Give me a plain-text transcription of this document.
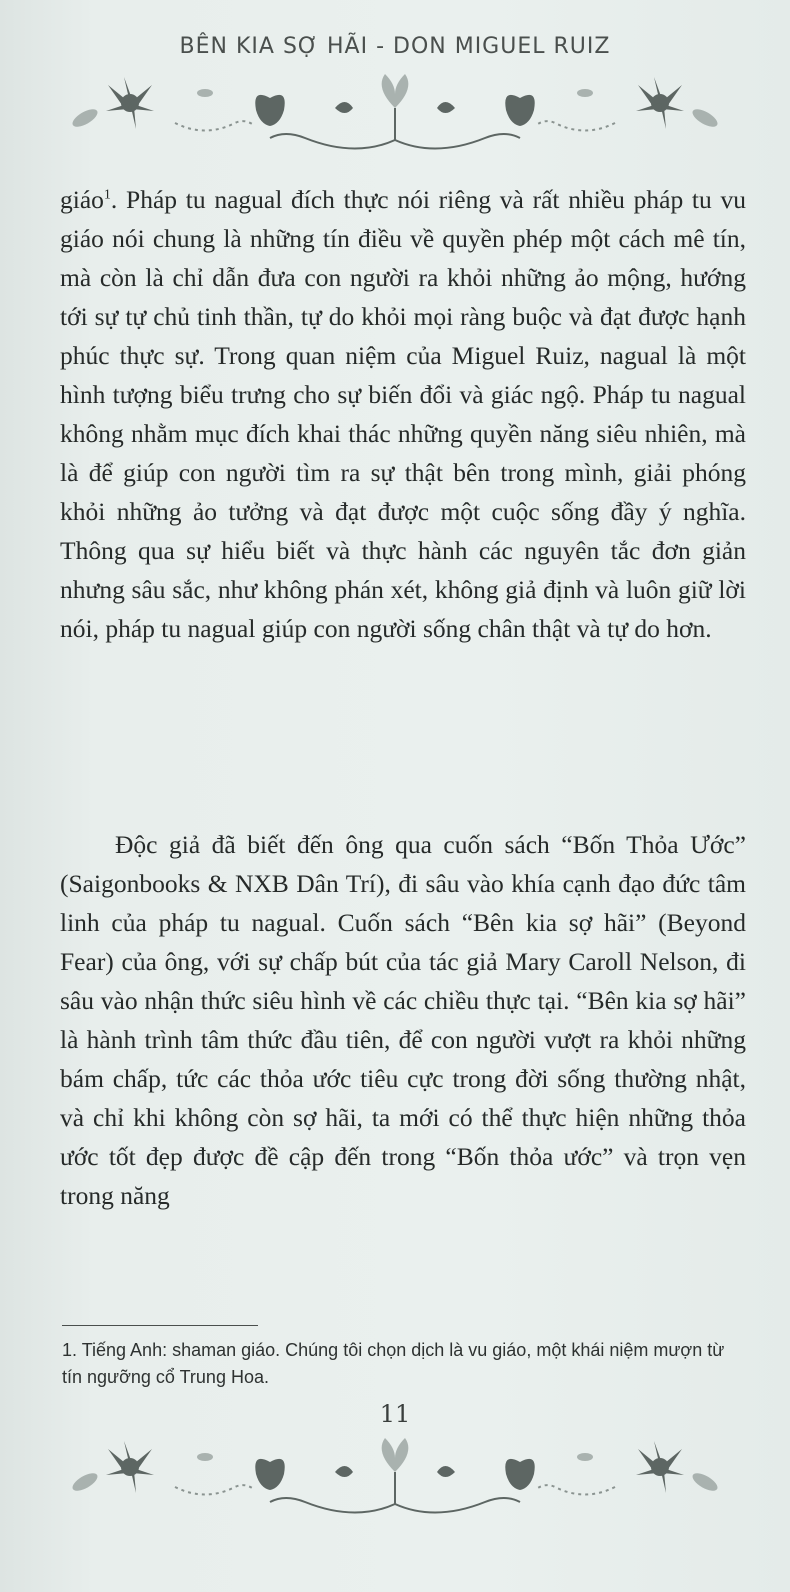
BÊN KIA SỢ HÃI - DON MIGUEL RUIZ

giáo$^1$. Pháp tu nagual đích thực nói riêng và rất nhiều pháp tu vu giáo nói chung là những tín điều về quyền phép một cách mê tín, mà còn là chỉ dẫn đưa con người ra khỏi những ảo mộng, hướng tới sự tự chủ tinh thần, tự do khỏi mọi ràng buộc và đạt được hạnh phúc thực sự. Trong quan niệm của Miguel Ruiz, nagual là một hình tượng biểu trưng cho sự biến đổi và giác ngộ. Pháp tu nagual không nhằm mục đích khai thác những quyền năng siêu nhiên, mà là để giúp con người tìm ra sự thật bên trong mình, giải phóng khỏi những ảo tưởng và đạt được một cuộc sống đầy ý nghĩa. Thông qua sự hiểu biết và thực hành các nguyên tắc đơn giản nhưng sâu sắc, như không phán xét, không giả định và luôn giữ lời nói, pháp tu nagual giúp con người sống chân thật và tự do hơn.

Độc giả đã biết đến ông qua cuốn sách “Bốn Thỏa Ước” (Saigonbooks & NXB Dân Trí), đi sâu vào khía cạnh đạo đức tâm linh của pháp tu nagual. Cuốn sách “Bên kia sợ hãi” (Beyond Fear) của ông, với sự chấp bút của tác giả Mary Caroll Nelson, đi sâu vào nhận thức siêu hình về các chiều thực tại. “Bên kia sợ hãi” là hành trình tâm thức đầu tiên, để con người vượt ra khỏi những bám chấp, tức các thỏa ước tiêu cực trong đời sống thường nhật, và chỉ khi không còn sợ hãi, ta mới có thể thực hiện những thỏa ước tốt đẹp được đề cập đến trong “Bốn thỏa ước” và trọn vẹn trong năng

1. Tiếng Anh: shaman giáo. Chúng tôi chọn dịch là vu giáo, một khái niệm mượn từ tín ngưỡng cổ Trung Hoa.
11
